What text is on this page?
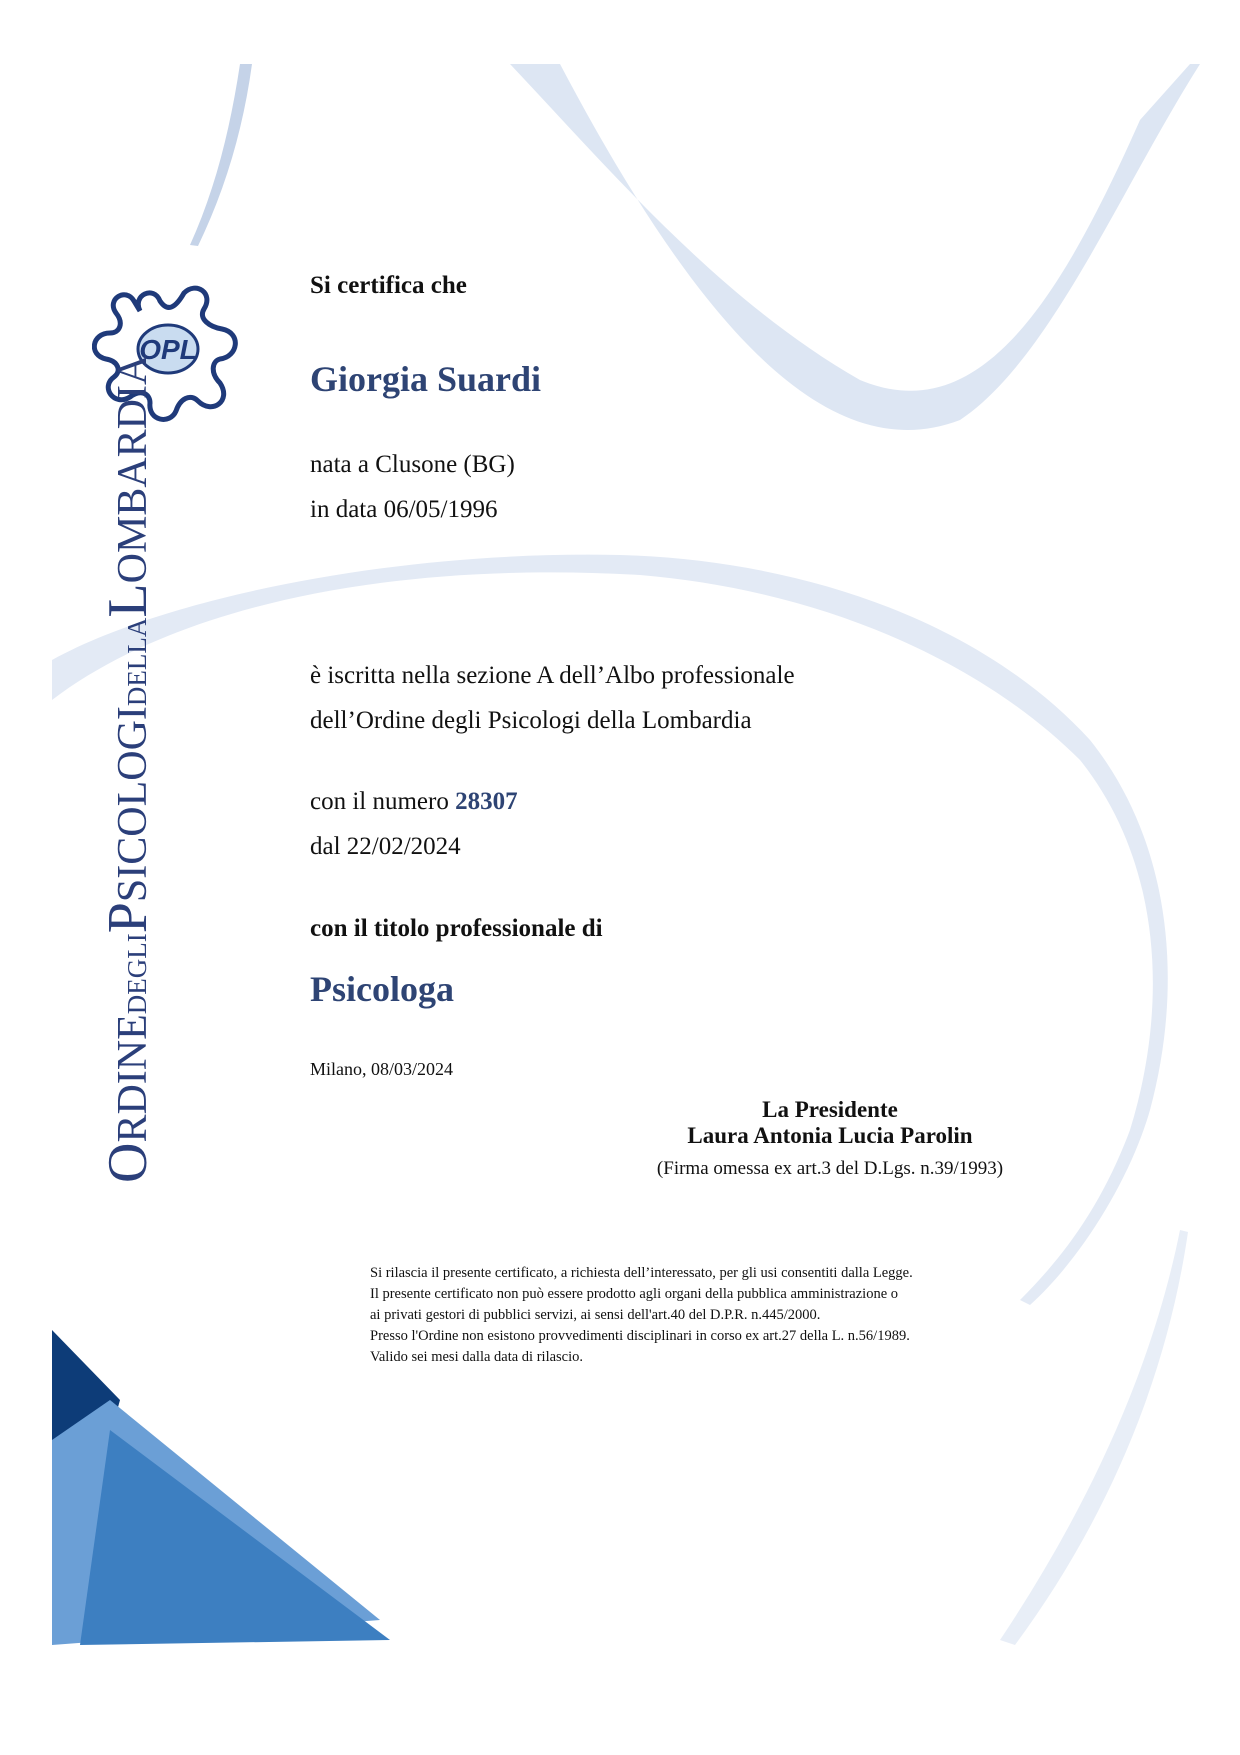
OPL
ORDINEDEGLIPSICOLOGIDELLALOMBARDIA
Si certifica che
Giorgia Suardi
nata a Clusone (BG)
in data 06/05/1996
è iscritta nella sezione A dell’Albo professionale
dell’Ordine degli Psicologi della Lombardia
con il numero 28307
dal 22/02/2024
con il titolo professionale di
Psicologa
Milano, 08/03/2024
La Presidente
Laura Antonia Lucia Parolin
(Firma omessa ex art.3 del D.Lgs. n.39/1993)
Si rilascia il presente certificato, a richiesta dell’interessato, per gli usi consentiti dalla Legge.
Il presente certificato non può essere prodotto agli organi della pubblica amministrazione o
ai privati gestori di pubblici servizi, ai sensi dell'art.40 del D.P.R. n.445/2000.
Presso l'Ordine non esistono provvedimenti disciplinari in corso ex art.27 della L. n.56/1989.
Valido sei mesi dalla data di rilascio.
